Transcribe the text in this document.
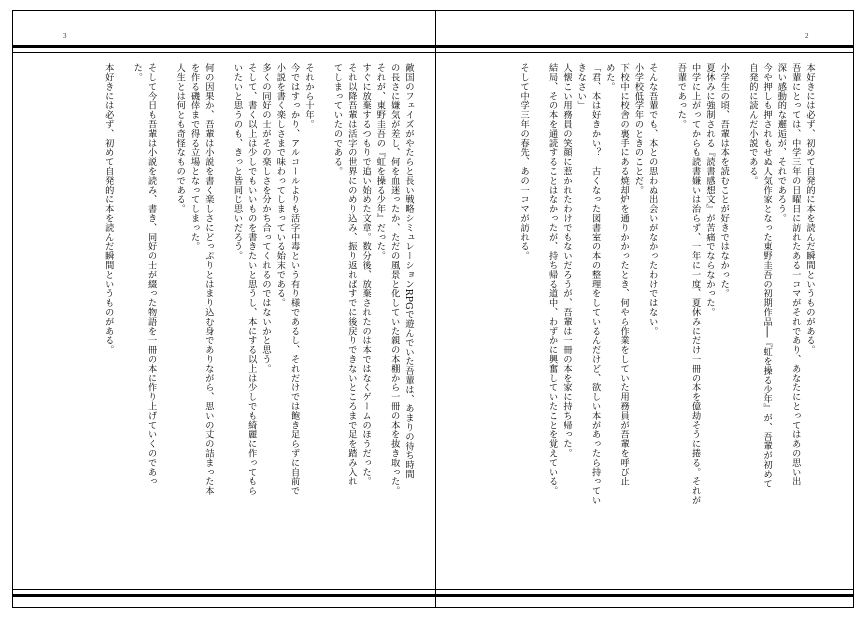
3	2
本好きには必ず、初めて自発的に本を読んだ瞬間というものがある。
吾輩にとっては、中学三年の日曜日に訪れたある一コマがそれであり、あなたにとってはあの思い出
深い感動的な邂逅が、それであろう。
今や押しも押されもせぬ人気作家となった東野圭吾の初期作品──『虹を操る少年』が、吾輩が初めて
自発的に読んだ小説である。

小学生の頃、吾輩は本を読むことが好きではなかった。
夏休みに強制される『読書感想文』が苦痛でならなかった。
中学に上がってからも読書嫌いは治らず、一年に一度、夏休みにだけ一冊の本を億劫そうに捲る。それが
吾輩であった。

そんな吾輩でも、本との思わぬ出会いがなかったわけではない。
小学校低学年のときのことだ。
下校中に校舎の裏手にある焼却炉を通りかかったとき、何やら作業をしていた用務員が吾輩を呼び止
めた。
「君、本は好きかい？　古くなった図書室の本の整理をしているんだけど、欲しい本があったら持ってい
きなさい」
人懐こい用務員の笑顔に惹かれたわけでもないだろうが、吾輩は一冊の本を家に持ち帰った。
結局、その本を通読することはなかったが、持ち帰る道中、わずかに興奮していたことを覚えている。

そして中学三年の春先、あの一コマが訪れる。
敵国のフェイズがやたらと長い戦略シミュレーションRPGで遊んでいた吾輩は、あまりの待ち時間
の長さに嫌気が差し、何を血迷ったか、ただの風景と化していた親の本棚から一冊の本を抜き取った。
それが、東野圭吾の『虹を操る少年』だった。
すぐに放棄するつもりで追い始めた文章。数分後、放棄されたのは本ではなくゲームのほうだった。
それ以降吾輩は活字の世界にのめり込み、振り返ればすでに後戻りできないところまで足を踏み入れ
てしまっていたのである。

それから十年。
今ではすっかり、アルコールよりも活字中毒という有り様であるし、それだけでは飽き足らずに自前で
小説を書く楽しさまで味わってしまっている始末である。
多くの同好の士がその楽しさを分かち合ってくれるのではないかと思う。
そして、書く以上は少しでもいいものを書きたいと思うし、本にする以上は少しでも綺麗に作ってもら
いたいと思うのも、きっと皆同じ思いだろう。

何の因果か、吾輩は小説を書く楽しさにどっぷりとはまり込む身でありながら、思いの丈の詰まった本
を作る磯倖まで得る立場となってしまった。
人生とは何とも奇怪なものである。

そして今日も吾輩は小説を読み、書き、同好の士が綴った物語を一冊の本に作り上げていくのであっ
た。

本好きには必ず、初めて自発的に本を読んだ瞬間というものがある。
